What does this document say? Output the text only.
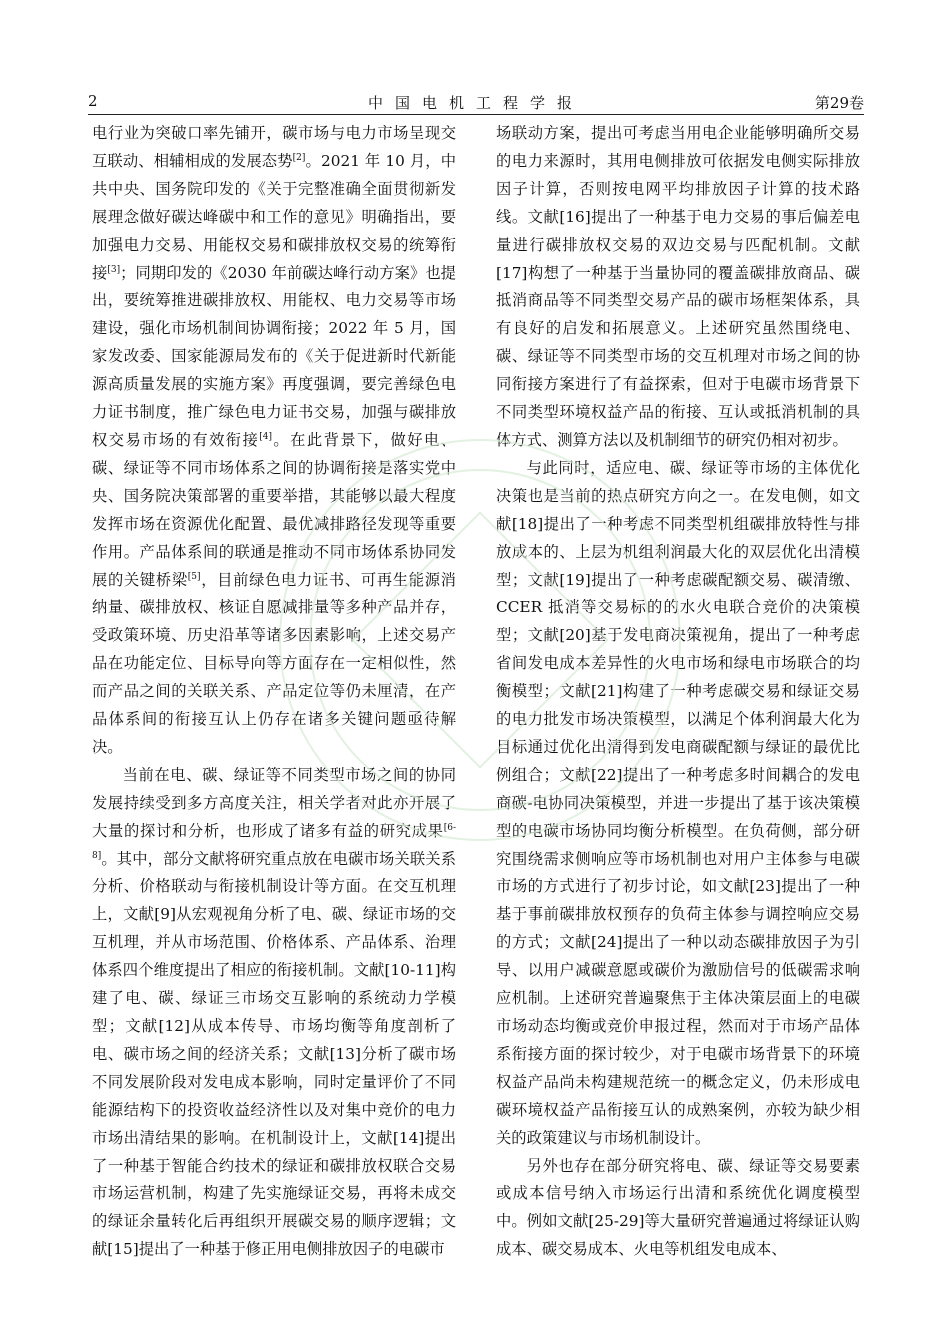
2	中国电机工程学报	第29卷

电行业为突破口率先铺开，碳市场与电力市场呈现交互联动、相辅相成的发展态势[2]。2021 年 10 月，中共中央、国务院印发的《关于完整准确全面贯彻新发展理念做好碳达峰碳中和工作的意见》明确指出，要加强电力交易、用能权交易和碳排放权交易的统筹衔接[3]；同期印发的《2030 年前碳达峰行动方案》也提出，要统筹推进碳排放权、用能权、电力交易等市场建设，强化市场机制间协调衔接；2022 年 5 月，国家发改委、国家能源局发布的《关于促进新时代新能源高质量发展的实施方案》再度强调，要完善绿色电力证书制度，推广绿色电力证书交易，加强与碳排放权交易市场的有效衔接[4]。在此背景下，做好电、碳、绿证等不同市场体系之间的协调衔接是落实党中央、国务院决策部署的重要举措，其能够以最大程度发挥市场在资源优化配置、最优减排路径发现等重要作用。产品体系间的联通是推动不同市场体系协同发展的关键桥梁[5]，目前绿色电力证书、可再生能源消纳量、碳排放权、核证自愿减排量等多种产品并存，受政策环境、历史沿革等诸多因素影响，上述交易产品在功能定位、目标导向等方面存在一定相似性，然而产品之间的关联关系、产品定位等仍未厘清，在产品体系间的衔接互认上仍存在诸多关键问题亟待解决。

当前在电、碳、绿证等不同类型市场之间的协同发展持续受到多方高度关注，相关学者对此亦开展了大量的探讨和分析，也形成了诸多有益的研究成果[6-8]。其中，部分文献将研究重点放在电碳市场关联关系分析、价格联动与衔接机制设计等方面。在交互机理上，文献[9]从宏观视角分析了电、碳、绿证市场的交互机理，并从市场范围、价格体系、产品体系、治理体系四个维度提出了相应的衔接机制。文献[10-11]构建了电、碳、绿证三市场交互影响的系统动力学模型；文献[12]从成本传导、市场均衡等角度剖析了电、碳市场之间的经济关系；文献[13]分析了碳市场不同发展阶段对发电成本影响，同时定量评价了不同能源结构下的投资收益经济性以及对集中竞价的电力市场出清结果的影响。在机制设计上，文献[14]提出了一种基于智能合约技术的绿证和碳排放权联合交易市场运营机制，构建了先实施绿证交易，再将未成交的绿证余量转化后再组织开展碳交易的顺序逻辑；文献[15]提出了一种基于修正用电侧排放因子的电碳市

场联动方案，提出可考虑当用电企业能够明确所交易的电力来源时，其用电侧排放可依据发电侧实际排放因子计算，否则按电网平均排放因子计算的技术路线。文献[16]提出了一种基于电力交易的事后偏差电量进行碳排放权交易的双边交易与匹配机制。文献[17]构想了一种基于当量协同的覆盖碳排放商品、碳抵消商品等不同类型交易产品的碳市场框架体系，具有良好的启发和拓展意义。上述研究虽然围绕电、碳、绿证等不同类型市场的交互机理对市场之间的协同衔接方案进行了有益探索，但对于电碳市场背景下不同类型环境权益产品的衔接、互认或抵消机制的具体方式、测算方法以及机制细节的研究仍相对初步。

与此同时，适应电、碳、绿证等市场的主体优化决策也是当前的热点研究方向之一。在发电侧，如文献[18]提出了一种考虑不同类型机组碳排放特性与排放成本的、上层为机组利润最大化的双层优化出清模型；文献[19]提出了一种考虑碳配额交易、碳清缴、CCER 抵消等交易标的的水火电联合竞价的决策模型；文献[20]基于发电商决策视角，提出了一种考虑省间发电成本差异性的火电市场和绿电市场联合的均衡模型；文献[21]构建了一种考虑碳交易和绿证交易的电力批发市场决策模型，以满足个体利润最大化为目标通过优化出清得到发电商碳配额与绿证的最优比例组合；文献[22]提出了一种考虑多时间耦合的发电商碳-电协同决策模型，并进一步提出了基于该决策模型的电碳市场协同均衡分析模型。在负荷侧，部分研究围绕需求侧响应等市场机制也对用户主体参与电碳市场的方式进行了初步讨论，如文献[23]提出了一种基于事前碳排放权预存的负荷主体参与调控响应交易的方式；文献[24]提出了一种以动态碳排放因子为引导、以用户减碳意愿或碳价为激励信号的低碳需求响应机制。上述研究普遍聚焦于主体决策层面上的电碳市场动态均衡或竞价申报过程，然而对于市场产品体系衔接方面的探讨较少，对于电碳市场背景下的环境权益产品尚未构建规范统一的概念定义，仍未形成电碳环境权益产品衔接互认的成熟案例，亦较为缺少相关的政策建议与市场机制设计。

另外也存在部分研究将电、碳、绿证等交易要素或成本信号纳入市场运行出清和系统优化调度模型中。例如文献[25-29]等大量研究普遍通过将绿证认购成本、碳交易成本、火电等机组发电成本、
